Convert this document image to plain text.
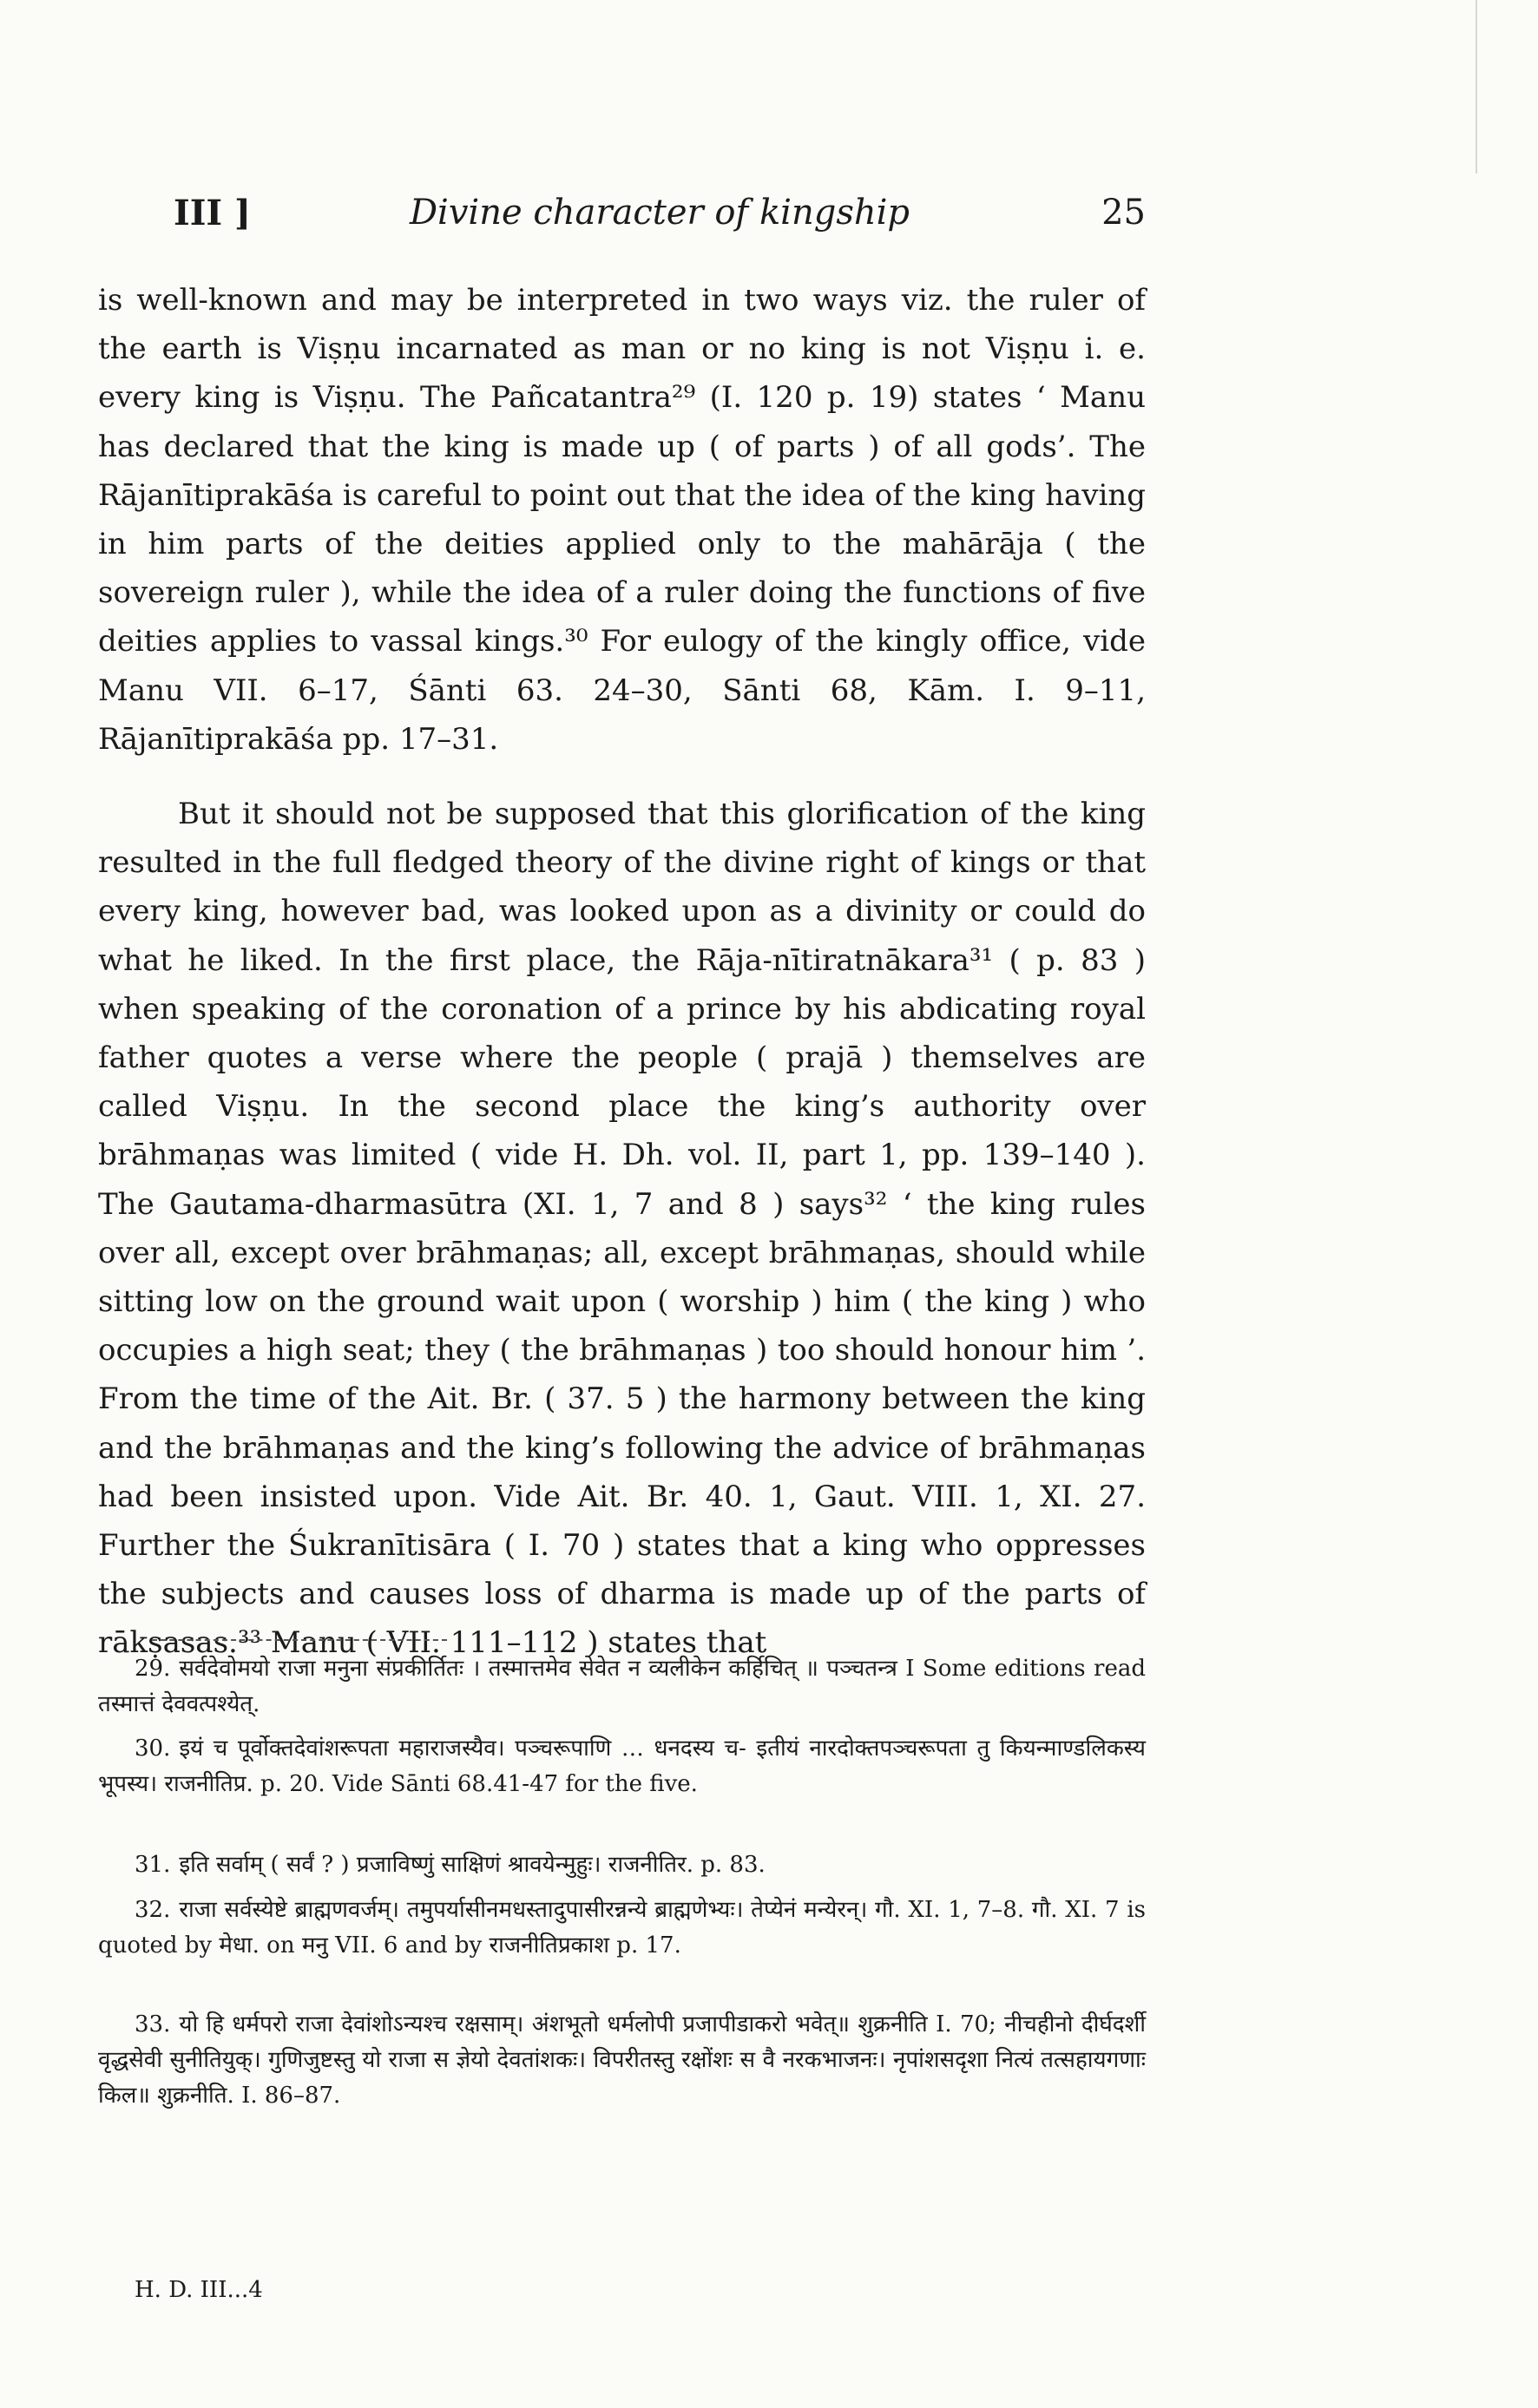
III ]	Divine character of kingship	25

is well-known and may be interpreted in two ways viz. the ruler of the earth is Viṣṇu incarnated as man or no king is not Viṣṇu i. e. every king is Viṣṇu. The Pañcatantra²⁹ (I. 120 p. 19) states ‘ Manu has declared that the king is made up ( of parts ) of all gods’. The Rājanītiprakāśa is careful to point out that the idea of the king having in him parts of the deities applied only to the mahārāja ( the sovereign ruler ), while the idea of a ruler doing the functions of five deities applies to vassal kings.³⁰ For eulogy of the kingly office, vide Manu VII. 6–17, Śānti 63. 24–30, Sānti 68, Kām. I. 9–11, Rājanītiprakāśa pp. 17–31.

But it should not be supposed that this glorification of the king resulted in the full fledged theory of the divine right of kings or that every king, however bad, was looked upon as a divinity or could do what he liked. In the first place, the Rāja-nītiratnākara³¹ ( p. 83 ) when speaking of the coronation of a prince by his abdicating royal father quotes a verse where the people ( prajā ) themselves are called Viṣṇu. In the second place the king’s authority over brāhmaṇas was limited ( vide H. Dh. vol. II, part 1, pp. 139–140 ). The Gautama-dharmasūtra (XI. 1, 7 and 8 ) says³² ‘ the king rules over all, except over brāhmaṇas; all, except brāhmaṇas, should while sitting low on the ground wait upon ( worship ) him ( the king ) who occupies a high seat; they ( the brāhmaṇas ) too should honour him ’. From the time of the Ait. Br. ( 37. 5 ) the harmony between the king and the brāhmaṇas and the king’s following the advice of brāhmaṇas had been insisted upon. Vide Ait. Br. 40. 1, Gaut. VIII. 1, XI. 27. Further the Śukranītisāra ( I. 70 ) states that a king who oppresses the subjects and causes loss of dharma is made up of the parts of rākṣasas.³³ Manu ( VII. 111–112 ) states that

29. सर्वदेवोमयो राजा मनुना संप्रकीर्तितः । तस्मात्तमेव सेवेत न व्यलीकेन कर्हिचित् ॥ पञ्चतन्त्र I Some editions read तस्मात्तं देववत्पश्येत्.
30. इयं च पूर्वोक्तदेवांशरूपता महाराजस्यैव। पञ्चरूपाणि … धनदस्य च- इतीयं नारदोक्तपञ्चरूपता तु कियन्माण्डलिकस्य भूपस्य। राजनीतिप्र. p. 20. Vide Sānti 68.41-47 for the five.
31. इति सर्वाम् ( सर्वं ? ) प्रजाविष्णुं साक्षिणं श्रावयेन्मुहुः। राजनीतिर. p. 83.
32. राजा सर्वस्येष्टे ब्राह्मणवर्जम्। तमुपर्यासीनमधस्तादुपासीरन्नन्ये ब्राह्मणेभ्यः। तेप्येनं मन्येरन्। गौ. XI. 1, 7–8. गौ. XI. 7 is quoted by मेधा. on मनु VII. 6 and by राजनीतिप्रकाश p. 17.
33. यो हि धर्मपरो राजा देवांशोऽन्यश्च रक्षसाम्। अंशभूतो धर्मलोपी प्रजापीडाकरो भवेत्॥ शुक्रनीति I. 70; नीचहीनो दीर्घदर्शी वृद्धसेवी सुनीतियुक्। गुणिजुष्टस्तु यो राजा स ज्ञेयो देवतांशकः। विपरीतस्तु रक्षोंशः स वै नरकभाजनः। नृपांशसदृशा नित्यं तत्सहायगणाः किल॥ शुक्रनीति. I. 86–87.
H. D. III...4
